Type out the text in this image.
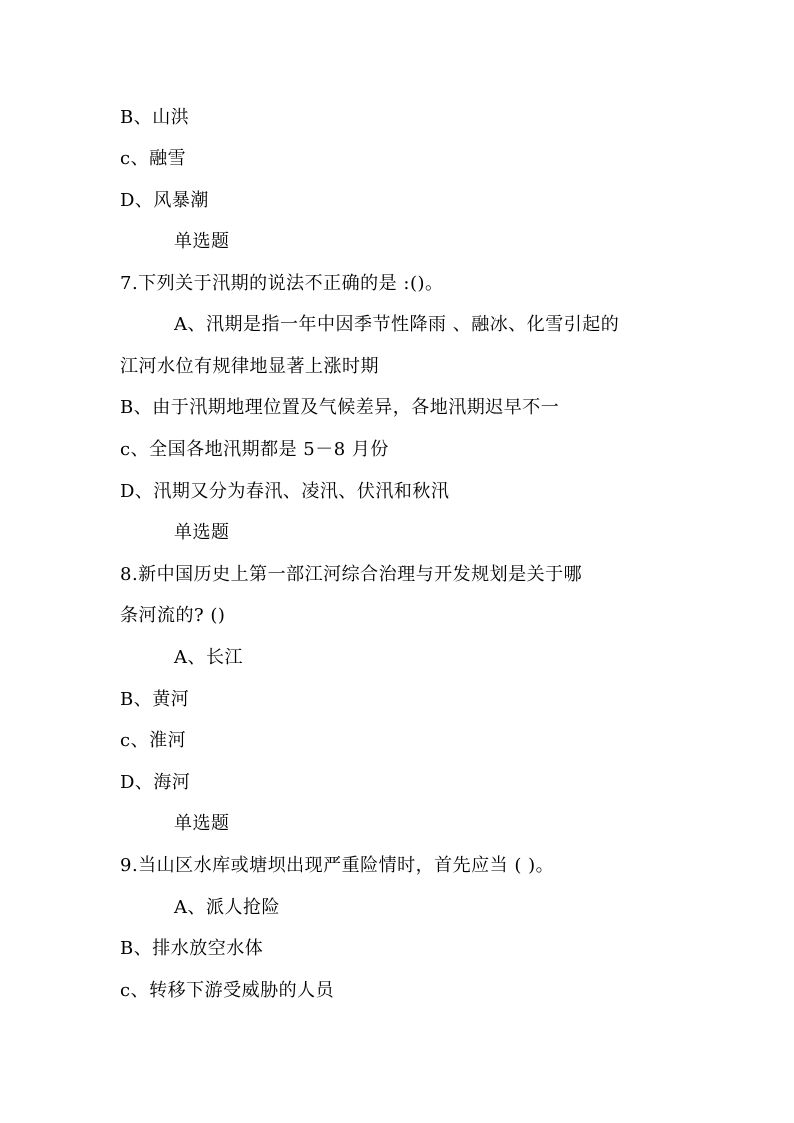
B、山洪
c、融雪
D、风暴潮
单选题
7.下列关于汛期的说法不正确的是 :()。
A、汛期是指一年中因季节性降雨 、融冰、化雪引起的
江河水位有规律地显著上涨时期
B、由于汛期地理位置及气候差异，各地汛期迟早不一
c、全国各地汛期都是 5－8 月份
D、汛期又分为春汛、凌汛、伏汛和秋汛
单选题
8.新中国历史上第一部江河综合治理与开发规划是关于哪
条河流的? ()
A、长江
B、黄河
c、淮河
D、海河
单选题
9.当山区水库或塘坝出现严重险情时，首先应当 ( )。
A、派人抢险
B、排水放空水体
c、转移下游受威胁的人员
